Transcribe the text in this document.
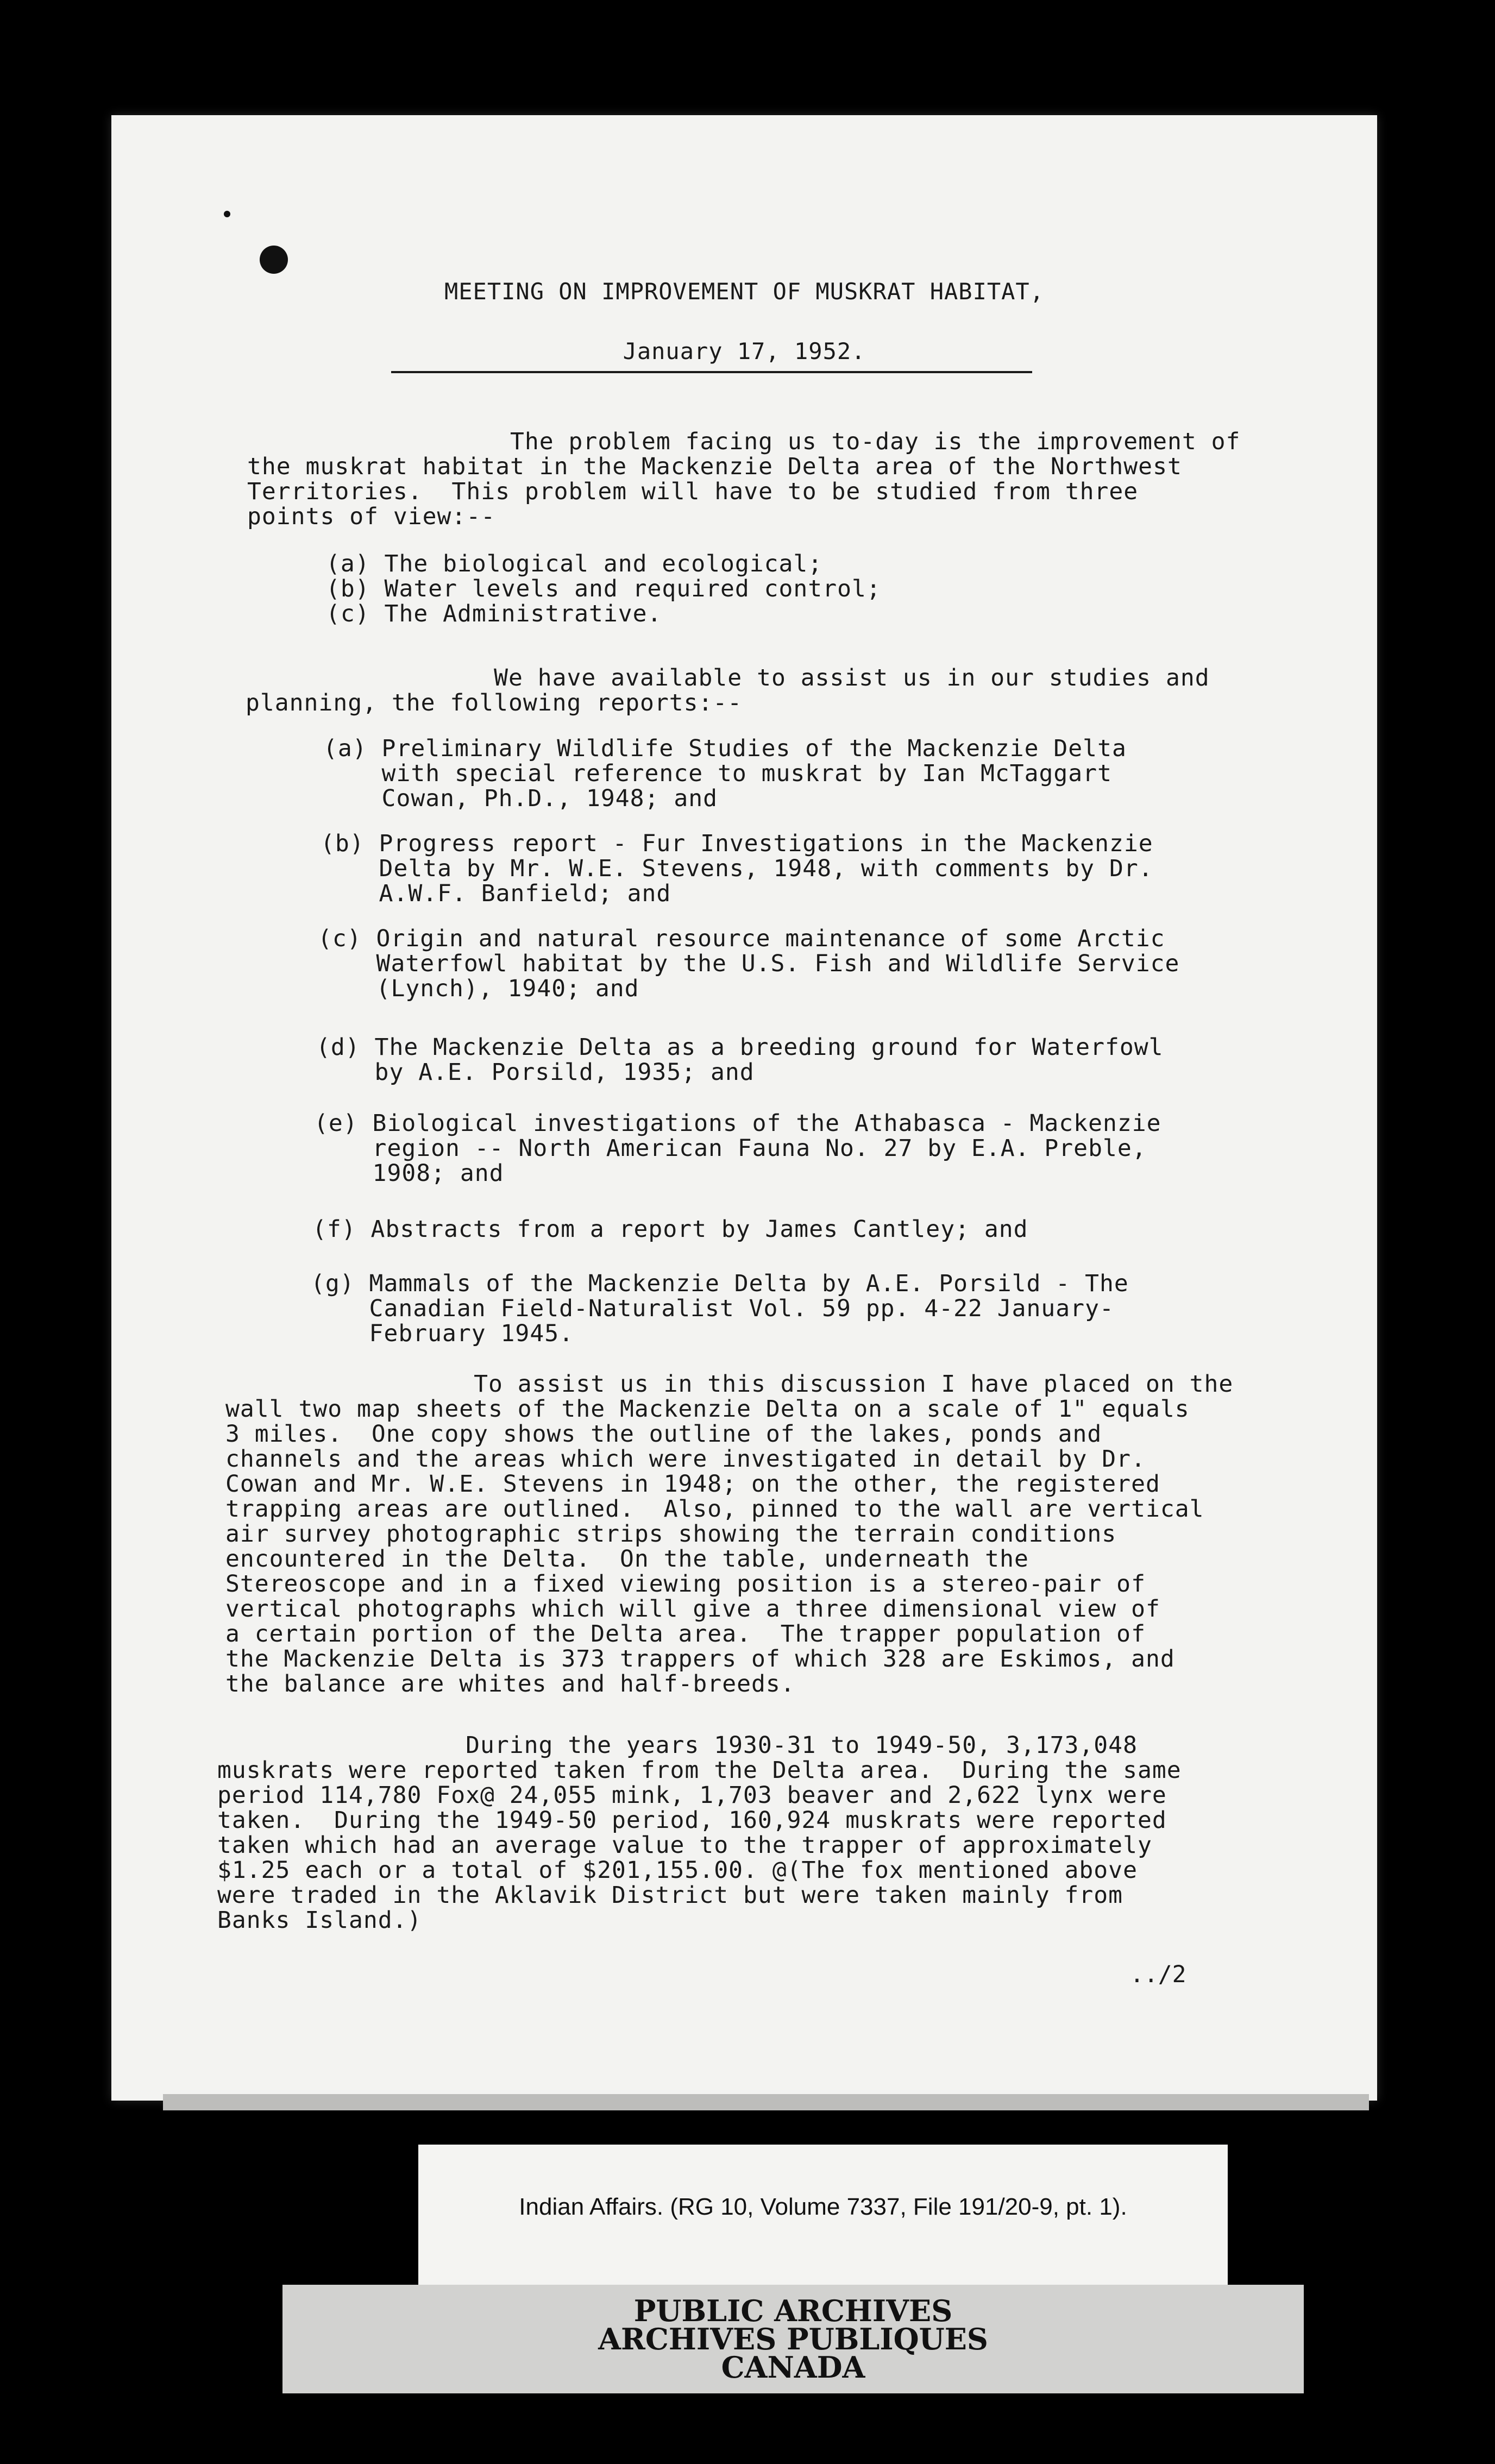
MEETING ON IMPROVEMENT OF MUSKRAT HABITAT,
January 17, 1952.
The problem facing us to-day is the improvement of
the muskrat habitat in the Mackenzie Delta area of the Northwest
Territories.  This problem will have to be studied from three
points of view:--
(a) The biological and ecological;
(b) Water levels and required control;
(c) The Administrative.
We have available to assist us in our studies and
planning, the following reports:--
(a) Preliminary Wildlife Studies of the Mackenzie Delta
with special reference to muskrat by Ian McTaggart
Cowan, Ph.D., 1948; and
(b) Progress report - Fur Investigations in the Mackenzie
Delta by Mr. W.E. Stevens, 1948, with comments by Dr.
A.W.F. Banfield; and
(c) Origin and natural resource maintenance of some Arctic
Waterfowl habitat by the U.S. Fish and Wildlife Service
(Lynch), 1940; and
(d) The Mackenzie Delta as a breeding ground for Waterfowl
by A.E. Porsild, 1935; and
(e) Biological investigations of the Athabasca - Mackenzie
region -- North American Fauna No. 27 by E.A. Preble,
1908; and
(f) Abstracts from a report by James Cantley; and
(g) Mammals of the Mackenzie Delta by A.E. Porsild - The
Canadian Field-Naturalist Vol. 59 pp. 4-22 January-
February 1945.
To assist us in this discussion I have placed on the
wall two map sheets of the Mackenzie Delta on a scale of 1" equals
3 miles.  One copy shows the outline of the lakes, ponds and
channels and the areas which were investigated in detail by Dr.
Cowan and Mr. W.E. Stevens in 1948; on the other, the registered
trapping areas are outlined.  Also, pinned to the wall are vertical
air survey photographic strips showing the terrain conditions
encountered in the Delta.  On the table, underneath the
Stereoscope and in a fixed viewing position is a stereo-pair of
vertical photographs which will give a three dimensional view of
a certain portion of the Delta area.  The trapper population of
the Mackenzie Delta is 373 trappers of which 328 are Eskimos, and
the balance are whites and half-breeds.
During the years 1930-31 to 1949-50, 3,173,048
muskrats were reported taken from the Delta area.  During the same
period 114,780 Fox@ 24,055 mink, 1,703 beaver and 2,622 lynx were
taken.  During the 1949-50 period, 160,924 muskrats were reported
taken which had an average value to the trapper of approximately
$1.25 each or a total of $201,155.00. @(The fox mentioned above
were traded in the Aklavik District but were taken mainly from
Banks Island.)
../2
Indian Affairs. (RG 10, Volume 7337, File 191/20-9, pt. 1).
PUBLIC ARCHIVES
ARCHIVES PUBLIQUES
CANADA
